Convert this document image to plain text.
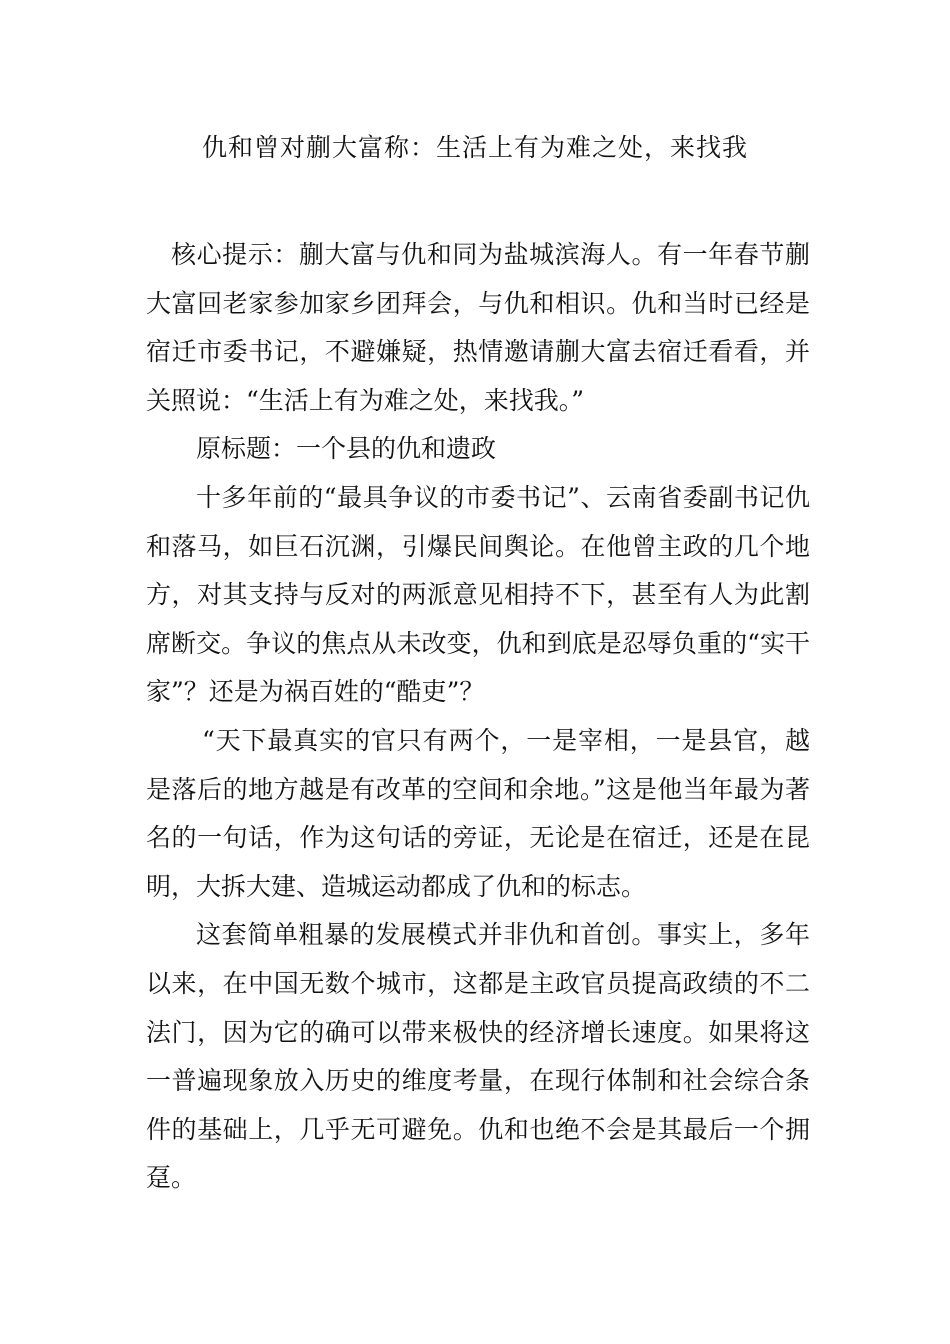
仇和曾对蒯大富称：生活上有为难之处，来找我

核心提示：蒯大富与仇和同为盐城滨海人。有一年春节蒯大富回老家参加家乡团拜会，与仇和相识。仇和当时已经是宿迁市委书记，不避嫌疑，热情邀请蒯大富去宿迁看看，并关照说：“生活上有为难之处，来找我。”

原标题：一个县的仇和遗政

十多年前的“最具争议的市委书记”、云南省委副书记仇和落马，如巨石沉渊，引爆民间舆论。在他曾主政的几个地方，对其支持与反对的两派意见相持不下，甚至有人为此割席断交。争议的焦点从未改变，仇和到底是忍辱负重的“实干家”？还是为祸百姓的“酷吏”？

“天下最真实的官只有两个，一是宰相，一是县官，越是落后的地方越是有改革的空间和余地。”这是他当年最为著名的一句话，作为这句话的旁证，无论是在宿迁，还是在昆明，大拆大建、造城运动都成了仇和的标志。

这套简单粗暴的发展模式并非仇和首创。事实上，多年以来，在中国无数个城市，这都是主政官员提高政绩的不二法门，因为它的确可以带来极快的经济增长速度。如果将这一普遍现象放入历史的维度考量，在现行体制和社会综合条件的基础上，几乎无可避免。仇和也绝不会是其最后一个拥趸。
